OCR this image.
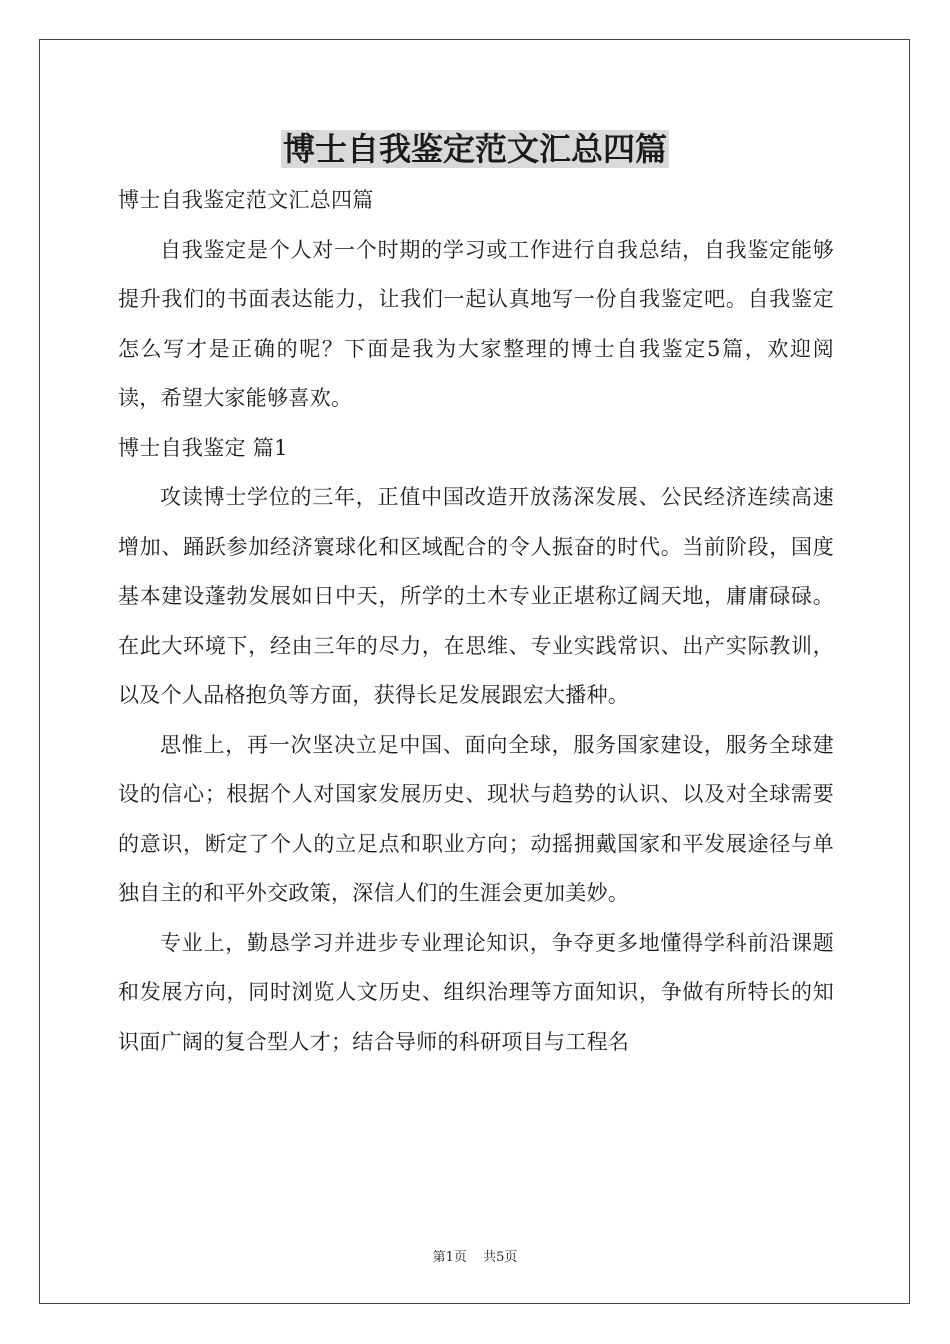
博士自我鉴定范文汇总四篇

博士自我鉴定范文汇总四篇

自我鉴定是个人对一个时期的学习或工作进行自我总结，自我鉴定能够提升我们的书面表达能力，让我们一起认真地写一份自我鉴定吧。自我鉴定怎么写才是正确的呢？下面是我为大家整理的博士自我鉴定5篇，欢迎阅读，希望大家能够喜欢。

博士自我鉴定 篇1

攻读博士学位的三年，正值中国改造开放荡深发展、公民经济连续高速增加、踊跃参加经济寰球化和区域配合的令人振奋的时代。当前阶段，国度基本建设蓬勃发展如日中天，所学的土木专业正堪称辽阔天地，庸庸碌碌。在此大环境下，经由三年的尽力，在思维、专业实践常识、出产实际教训，以及个人品格抱负等方面，获得长足发展跟宏大播种。

思惟上，再一次坚决立足中国、面向全球，服务国家建设，服务全球建设的信心；根据个人对国家发展历史、现状与趋势的认识、以及对全球需要的意识，断定了个人的立足点和职业方向；动摇拥戴国家和平发展途径与单独自主的和平外交政策，深信人们的生涯会更加美妙。

专业上，勤恳学习并进步专业理论知识，争夺更多地懂得学科前沿课题和发展方向，同时浏览人文历史、组织治理等方面知识，争做有所特长的知识面广阔的复合型人才；结合导师的科研项目与工程名

第1页 共5页
